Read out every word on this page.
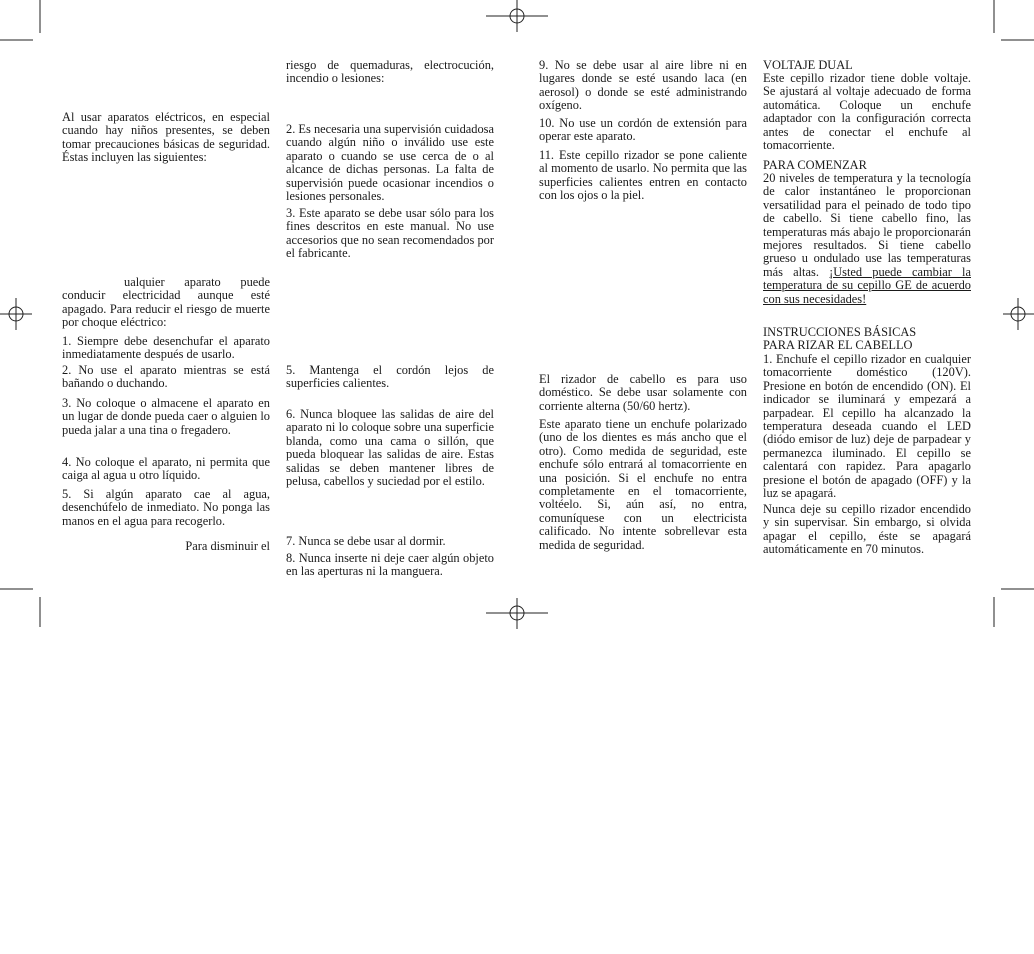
Al usar aparatos eléctricos, en especial cuando hay niños presentes, se deben tomar precauciones básicas de seguridad. Éstas incluyen las siguientes:

ualquier aparato puede conducir electricidad aunque esté apagado. Para reducir el riesgo de muerte por choque eléctrico:

1. Siempre debe desenchufar el aparato inmediatamente después de usarlo.

2. No use el aparato mientras se está bañando o duchando.

3. No coloque o almacene el aparato en un lugar de donde pueda caer o alguien lo pueda jalar a una tina o fregadero.

4. No coloque el aparato, ni permita que caiga al agua u otro líquido.

5. Si algún aparato cae al agua, desenchúfelo de inmediato. No ponga las manos en el agua para recogerlo.

Para disminuir el

riesgo de quemaduras, electrocución, incendio o lesiones:

2. Es necesaria una supervisión cuidadosa cuando algún niño o inválido use este aparato o cuando se use cerca de o al alcance de dichas personas. La falta de supervisión puede ocasionar incendios o lesiones personales.

3. Este aparato se debe usar sólo para los fines descritos en este manual. No use accesorios que no sean recomendados por el fabricante.

5. Mantenga el cordón lejos de superficies calientes.

6. Nunca bloquee las salidas de aire del aparato ni lo coloque sobre una superficie blanda, como una cama o sillón, que pueda bloquear las salidas de aire. Estas salidas se deben mantener libres de pelusa, cabellos y suciedad por el estilo.

7. Nunca se debe usar al dormir.

8. Nunca inserte ni deje caer algún objeto en las aperturas ni la manguera.

9. No se debe usar al aire libre ni en lugares donde se esté usando laca (en aerosol) o donde se esté administrando oxígeno.

10. No use un cordón de extensión para operar este aparato.

11. Este cepillo rizador se pone caliente al momento de usarlo. No permita que las superficies calientes entren en contacto con los ojos o la piel.

El rizador de cabello es para uso doméstico. Se debe usar solamente con corriente alterna (50/60 hertz).

Este aparato tiene un enchufe polarizado (uno de los dientes es más ancho que el otro). Como medida de seguridad, este enchufe sólo entrará al tomacorriente en una posición. Si el enchufe no entra completamente en el tomacorriente, voltéelo. Si, aún así, no entra, comuníquese con un electricista calificado. No intente sobrellevar esta medida de seguridad.

VOLTAJE DUAL

Este cepillo rizador tiene doble voltaje. Se ajustará al voltaje adecuado de forma automática. Coloque un enchufe adaptador con la configuración correcta antes de conectar el enchufe al tomacorriente.

PARA COMENZAR

20 niveles de temperatura y la tecnología de calor instantáneo le proporcionan versatilidad para el peinado de todo tipo de cabello. Si tiene cabello fino, las temperaturas más abajo le proporcionarán mejores resultados. Si tiene cabello grueso u ondulado use las temperaturas más altas. ¡Usted puede cambiar la temperatura de su cepillo GE de acuerdo con sus necesidades!

INSTRUCCIONES BÁSICAS

PARA RIZAR EL CABELLO

1. Enchufe el cepillo rizador en cualquier tomacorriente doméstico (120V). Presione en botón de encendido (ON). El indicador se iluminará y empezará a parpadear. El cepillo ha alcanzado la temperatura deseada cuando el LED (diódo emisor de luz) deje de parpadear y permanezca iluminado. El cepillo se calentará con rapidez. Para apagarlo presione el botón de apagado (OFF) y la luz se apagará.

Nunca deje su cepillo rizador encendido y sin supervisar. Sin embargo, si olvida apagar el cepillo, éste se apagará automáticamente en 70 minutos.
